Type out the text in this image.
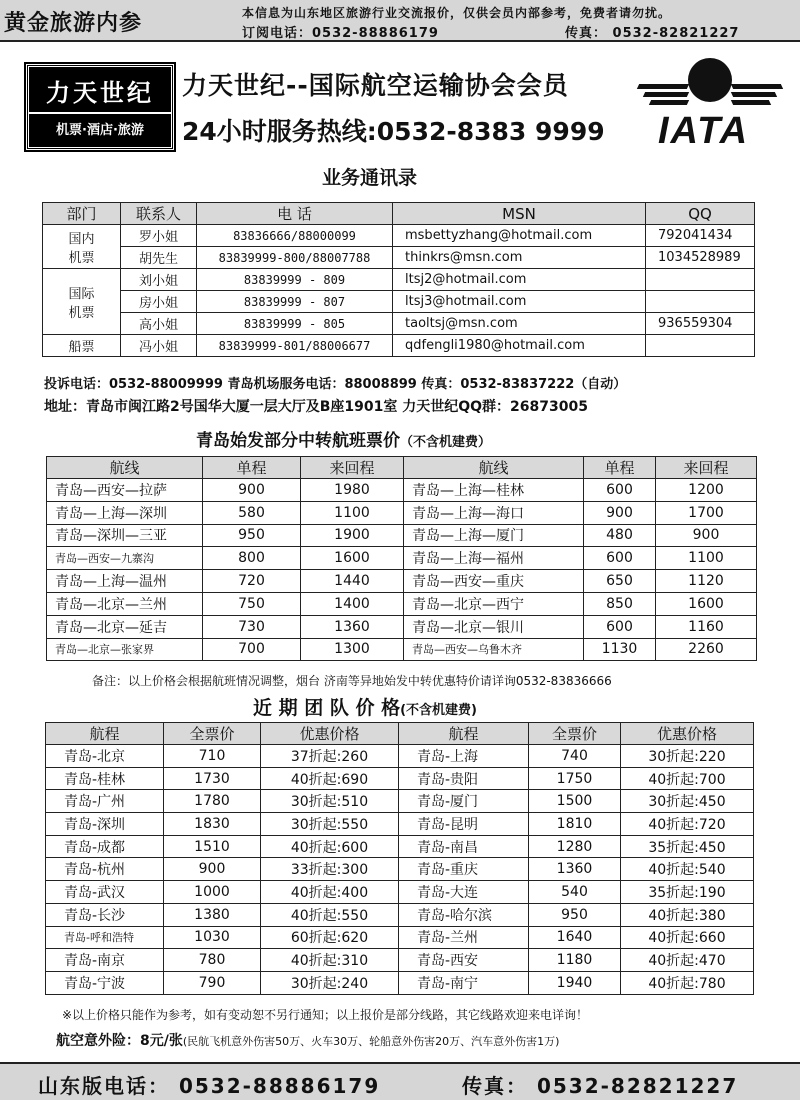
黄金旅游内参	本信息为山东地区旅游行业交流报价，仅供会员内部参考，免费者请勿扰。
订阅电话：0532-88886179	传真： 0532-82821227
力天世纪
机票·酒店·旅游
力天世纪--国际航空运输协会会员
24小时服务热线:0532-8383 9999 IATA
业务通讯录
部门	联系人	电 话	MSN	QQ
国内
机票	罗小姐	83836666/88000099	msbettyzhang@hotmail.com	792041434
	胡先生	83839999-800/88007788	thinkrs@msn.com	1034528989
国际
机票	刘小姐	83839999 - 809	ltsj2@hotmail.com	
	房小姐	83839999 - 807	ltsj3@hotmail.com	
	高小姐	83839999 - 805	taoltsj@msn.com	936559304
船票	冯小姐	83839999-801/88006677	qdfengli1980@hotmail.com	
投诉电话：0532-88009999 青岛机场服务电话：88008899 传真：0532-83837222（自动）
地址：青岛市闽江路2号国华大厦一层大厅及B座1901室 力天世纪QQ群：26873005
青岛始发部分中转航班票价（不含机建费）
航线	单程	来回程	航线	单程	来回程
青岛—西安—拉萨	900	1980	青岛—上海—桂林	600	1200
青岛—上海—深圳	580	1100	青岛—上海—海口	900	1700
青岛—深圳—三亚	950	1900	青岛—上海—厦门	480	900
青岛—西安—九寨沟	800	1600	青岛—上海—福州	600	1100
青岛—上海—温州	720	1440	青岛—西安—重庆	650	1120
青岛—北京—兰州	750	1400	青岛—北京—西宁	850	1600
青岛—北京—延吉	730	1360	青岛—北京—银川	600	1160
青岛—北京—张家界	700	1300	青岛—西安—乌鲁木齐	1130	2260
备注：以上价格会根据航班情况调整，烟台 济南等异地始发中转优惠特价请详询0532-83836666
近 期 团 队 价 格(不含机建费)
航程	全票价	优惠价格	航程	全票价	优惠价格
青岛-北京	710	37折起:260	青岛-上海	740	30折起:220
青岛-桂林	1730	40折起:690	青岛-贵阳	1750	40折起:700
青岛-广州	1780	30折起:510	青岛-厦门	1500	30折起:450
青岛-深圳	1830	30折起:550	青岛-昆明	1810	40折起:720
青岛-成都	1510	40折起:600	青岛-南昌	1280	35折起:450
青岛-杭州	900	33折起:300	青岛-重庆	1360	40折起:540
青岛-武汉	1000	40折起:400	青岛-大连	540	35折起:190
青岛-长沙	1380	40折起:550	青岛-哈尔滨	950	40折起:380
青岛-呼和浩特	1030	60折起:620	青岛-兰州	1640	40折起:660
青岛-南京	780	40折起:310	青岛-西安	1180	40折起:470
青岛-宁波	790	30折起:240	青岛-南宁	1940	40折起:780
※以上价格只能作为参考，如有变动恕不另行通知；以上报价是部分线路，其它线路欢迎来电详询！
航空意外险：8元/张(民航飞机意外伤害50万、火车30万、轮船意外伤害20万、汽车意外伤害1万)
山东版电话： 0532-88886179	传真： 0532-82821227
